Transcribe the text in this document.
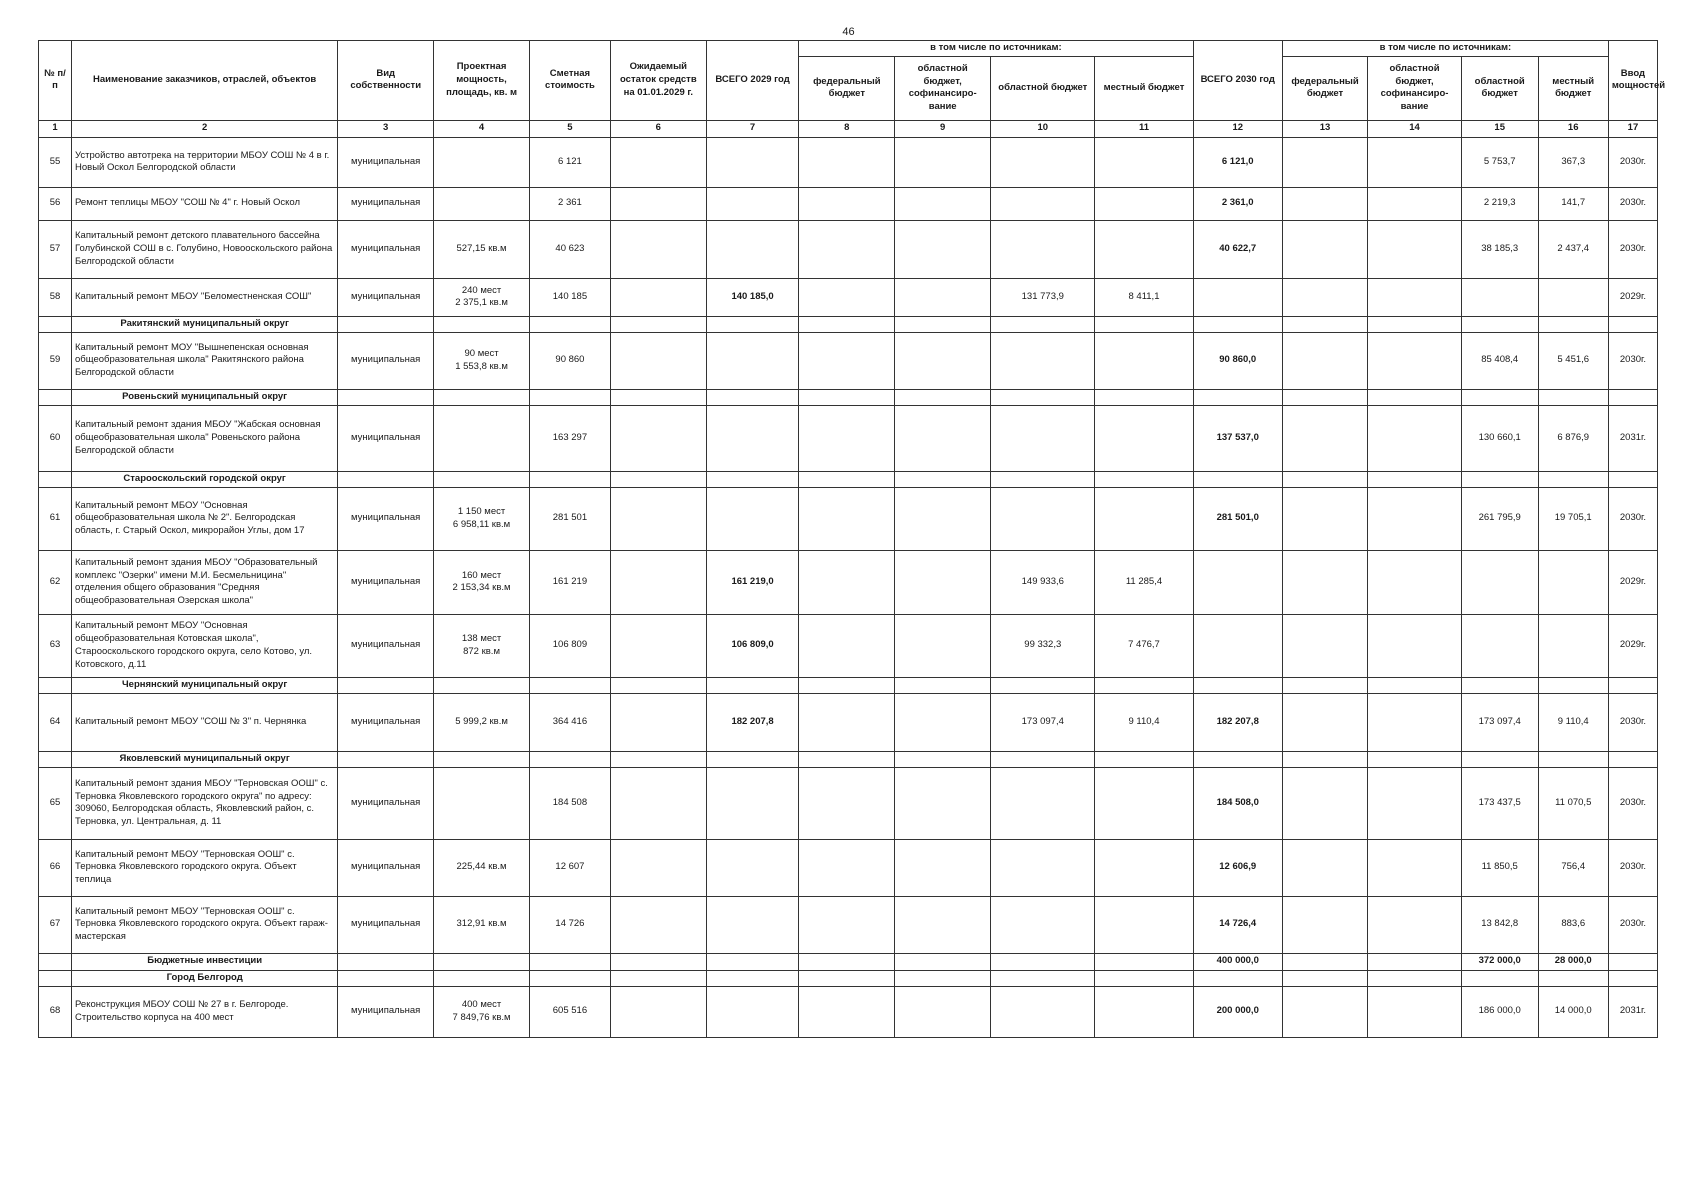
46
№ п/п	Наименование заказчиков, отраслей, объектов	Вид собственности	Проектная мощность, площадь, кв. м	Сметная стоимость	Ожидаемый остаток средств на 01.01.2029 г.	ВСЕГО 2029 год	в том числе по источникам:				ВСЕГО 2030 год	в том числе по источникам:				Ввод мощностей
							федеральный бюджет	областной бюджет, софинансиро-вание	областной бюджет	местный бюджет		федеральный бюджет	областной бюджет, софинансиро-вание	областной бюджет	местный бюджет	
1	2	3	4	5	6	7	8	9	10	11	12	13	14	15	16	17
55	Устройство автотрека на территории МБОУ СОШ № 4 в г. Новый Оскол Белгородской области	муниципальная		6 121							6 121,0			5 753,7	367,3	2030г.
56	Ремонт теплицы МБОУ "СОШ № 4" г. Новый Оскол	муниципальная		2 361							2 361,0			2 219,3	141,7	2030г.
57	Капитальный ремонт детского плавательного бассейна Голубинской СОШ в с. Голубино, Новооскольского района Белгородской области	муниципальная	527,15 кв.м	40 623							40 622,7			38 185,3	2 437,4	2030г.
58	Капитальный ремонт МБОУ "Беломестненская СОШ"	муниципальная	240 мест
2 375,1 кв.м	140 185		140 185,0			131 773,9	8 411,1						2029г.
	Ракитянский муниципальный округ															
59	Капитальный ремонт МОУ "Вышнепенская основная общеобразовательная школа" Ракитянского района Белгородской области	муниципальная	90 мест
1 553,8 кв.м	90 860							90 860,0			85 408,4	5 451,6	2030г.
	Ровеньский муниципальный округ															
60	Капитальный ремонт здания МБОУ "Жабская основная общеобразовательная школа" Ровеньского района Белгородской области	муниципальная		163 297							137 537,0			130 660,1	6 876,9	2031г.
	Старооскольский городской округ															
61	Капитальный ремонт МБОУ "Основная общеобразовательная школа № 2". Белгородская область, г. Старый Оскол, микрорайон Углы, дом 17	муниципальная	1 150 мест
6 958,11 кв.м	281 501							281 501,0			261 795,9	19 705,1	2030г.
62	Капитальный ремонт здания МБОУ "Образовательный комплекс "Озерки" имени М.И. Бесмельницина" отделения общего образования "Средняя общеобразовательная Озерская школа"	муниципальная	160 мест
2 153,34 кв.м	161 219		161 219,0			149 933,6	11 285,4						2029г.
63	Капитальный ремонт МБОУ "Основная общеобразовательная Котовская школа", Старооскольского городского округа, село Котово, ул. Котовского, д.11	муниципальная	138 мест
872 кв.м	106 809		106 809,0			99 332,3	7 476,7						2029г.
	Чернянский муниципальный округ															
64	Капитальный ремонт МБОУ "СОШ № 3" п. Чернянка	муниципальная	5 999,2 кв.м	364 416		182 207,8			173 097,4	9 110,4	182 207,8			173 097,4	9 110,4	2030г.
	Яковлевский муниципальный округ															
65	Капитальный ремонт здания МБОУ "Терновская ООШ" с. Терновка Яковлевского городского округа" по адресу: 309060, Белгородская область, Яковлевский район, с. Терновка, ул. Центральная, д. 11	муниципальная		184 508							184 508,0			173 437,5	11 070,5	2030г.
66	Капитальный ремонт МБОУ "Терновская ООШ" с. Терновка Яковлевского городского округа. Объект теплица	муниципальная	225,44 кв.м	12 607							12 606,9			11 850,5	756,4	2030г.
67	Капитальный ремонт МБОУ "Терновская ООШ" с. Терновка Яковлевского городского округа. Объект гараж-мастерская	муниципальная	312,91 кв.м	14 726							14 726,4			13 842,8	883,6	2030г.
	Бюджетные инвестиции										400 000,0			372 000,0	28 000,0	
	Город Белгород															
68	Реконструкция МБОУ СОШ № 27 в г. Белгороде. Строительство корпуса на 400 мест	муниципальная	400 мест
7 849,76 кв.м	605 516							200 000,0			186 000,0	14 000,0	2031г.
